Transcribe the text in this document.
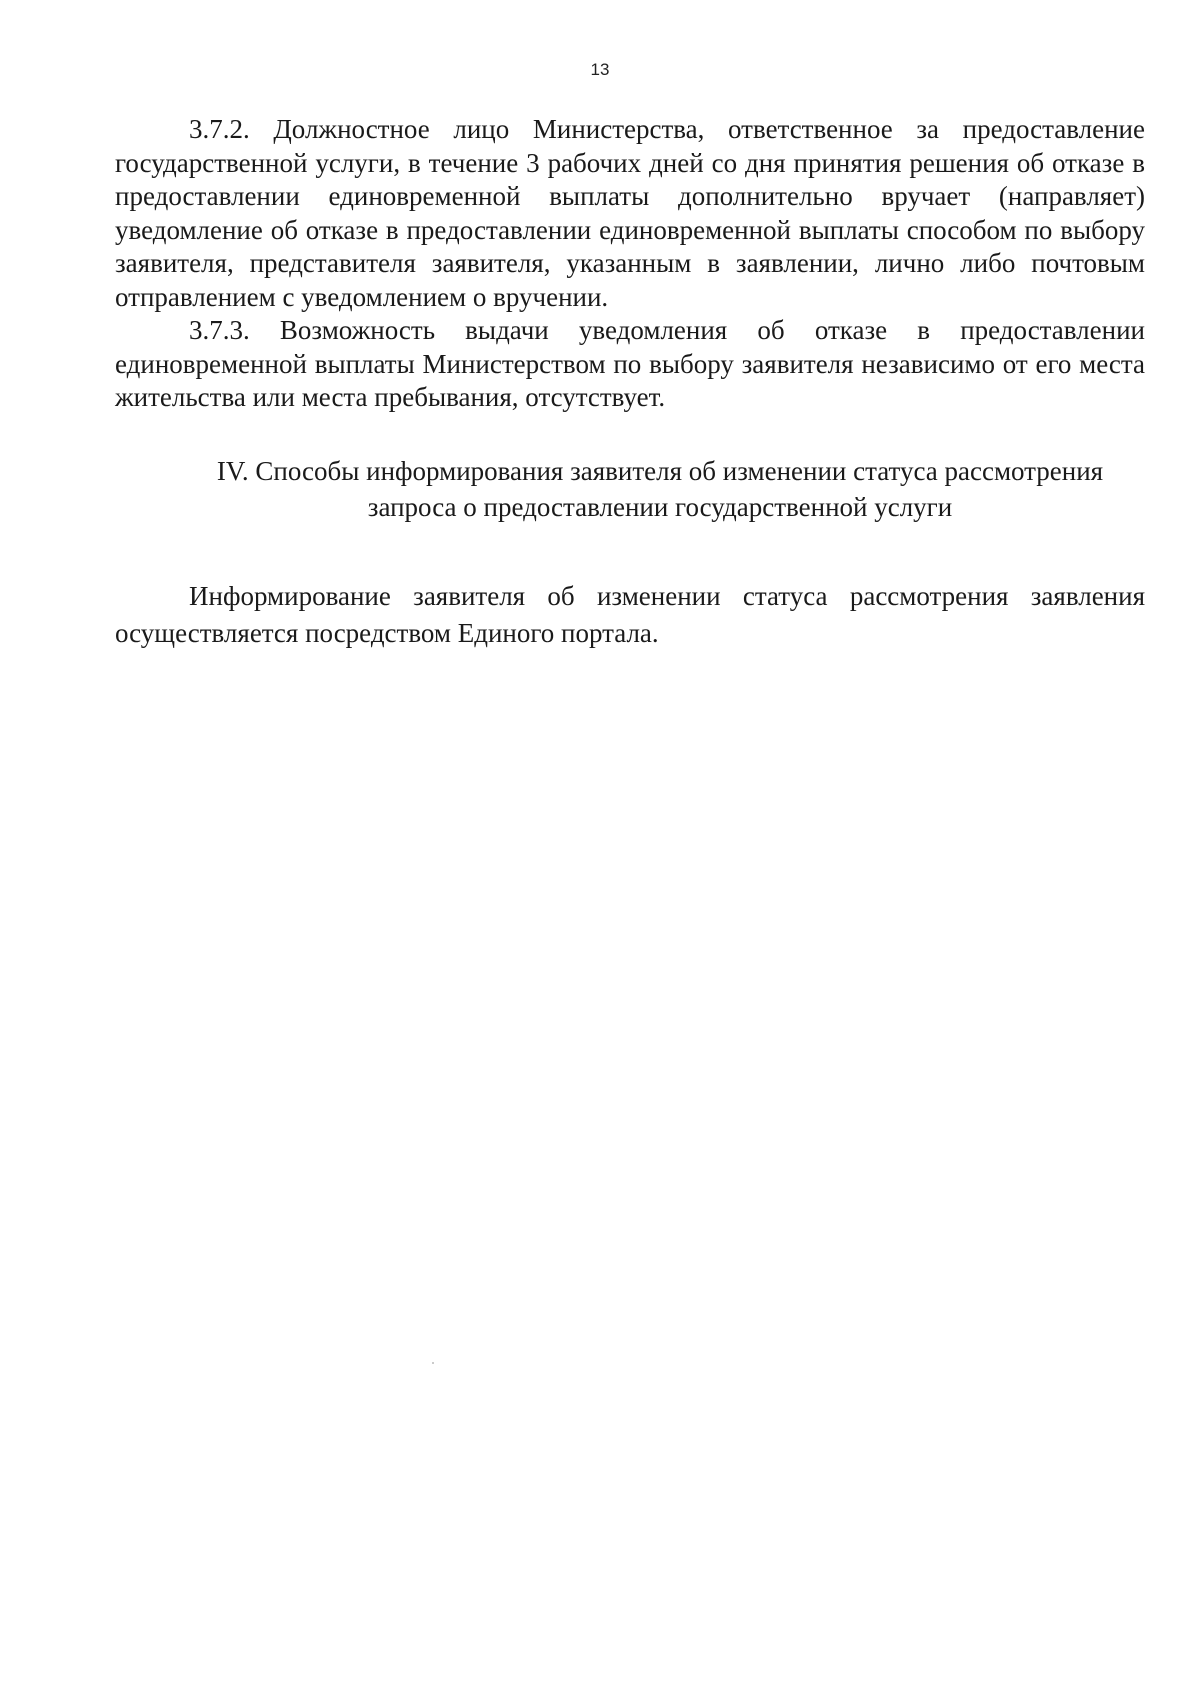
13

3.7.2. Должностное лицо Министерства, ответственное за предоставление государственной услуги, в течение 3 рабочих дней со дня принятия решения об отказе в предоставлении единовременной выплаты дополнительно вручает (направляет) уведомление об отказе в предоставлении единовременной выплаты способом по выбору заявителя, представителя заявителя, указанным в заявлении, лично либо почтовым отправлением с уведомлением о вручении.

3.7.3. Возможность выдачи уведомления об отказе в предоставлении единовременной выплаты Министерством по выбору заявителя независимо от его места жительства или места пребывания, отсутствует.

IV. Способы информирования заявителя об изменении статуса рассмотрения
запроса о предоставлении государственной услуги

Информирование заявителя об изменении статуса рассмотрения заявления осуществляется посредством Единого портала.
